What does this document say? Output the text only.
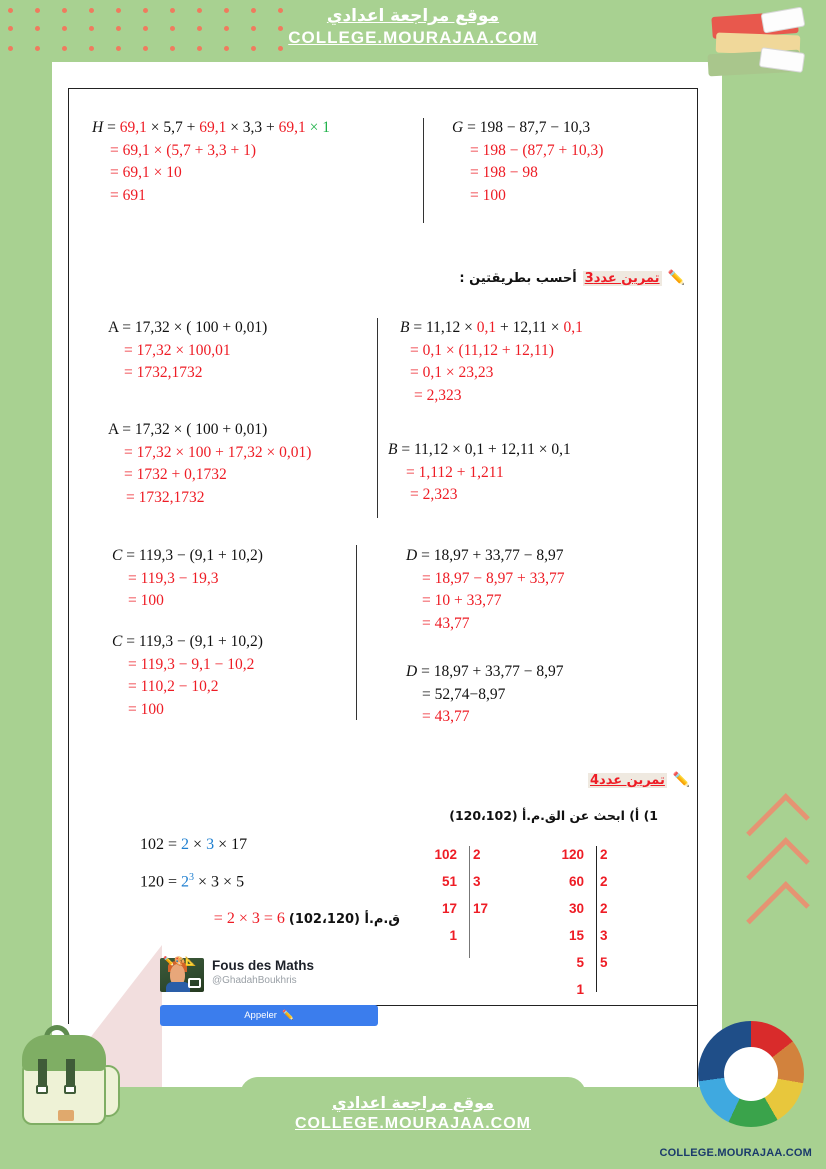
موقع مراجعة اعدادي
COLLEGE.MOURAJAA.COM
H = 69,1 × 5,7 + 69,1 × 3,3 + 69,1 × 1
= 69,1 × (5,7 + 3,3 + 1)
= 69,1 × 10
= 691
G = 198 − 87,7 − 10,3
= 198 − (87,7 + 10,3)
= 198 − 98
= 100
✏️
تمرين عدد3
أحسب بطريقتين :
A = 17,32 × ( 100 + 0,01)
= 17,32 × 100,01
= 1732,1732
A = 17,32 × ( 100 + 0,01)
= 17,32 × 100 + 17,32 × 0,01)
= 1732 + 0,1732
= 1732,1732
B = 11,12 × 0,1 + 12,11 × 0,1
= 0,1 × (11,12 + 12,11)
= 0,1 × 23,23
= 2,323
B = 11,12 × 0,1 + 12,11 × 0,1
= 1,112 + 1,211
= 2,323
C = 119,3 − (9,1 + 10,2)
= 119,3 − 19,3
= 100
C = 119,3 − (9,1 + 10,2)
= 119,3 − 9,1 − 10,2
= 110,2 − 10,2
= 100
D = 18,97 + 33,77 − 8,97
= 18,97 − 8,97 + 33,77
= 10 + 33,77
= 43,77
D = 18,97 + 33,77 − 8,97
= 52,74−8,97
= 43,77
✏️
تمرين عدد4
1) أ) ابحث عن الق.م.أ (120،102)
102 = 2 × 3 × 17
$120 = 2^3 \times 3 \times 5$
= 2 × 3 = 6 ق.م.أ (102،120)
102	2
51	3
17	17
1
120	2
60	2
30	2
15	3
5	5
1
Fous des Maths
@GhadahBoukhris
Appeler ✏️
✏️🎨📐
موقع مراجعة اعدادي
COLLEGE.MOURAJAA.COM
COLLEGE.MOURAJAA.COM
